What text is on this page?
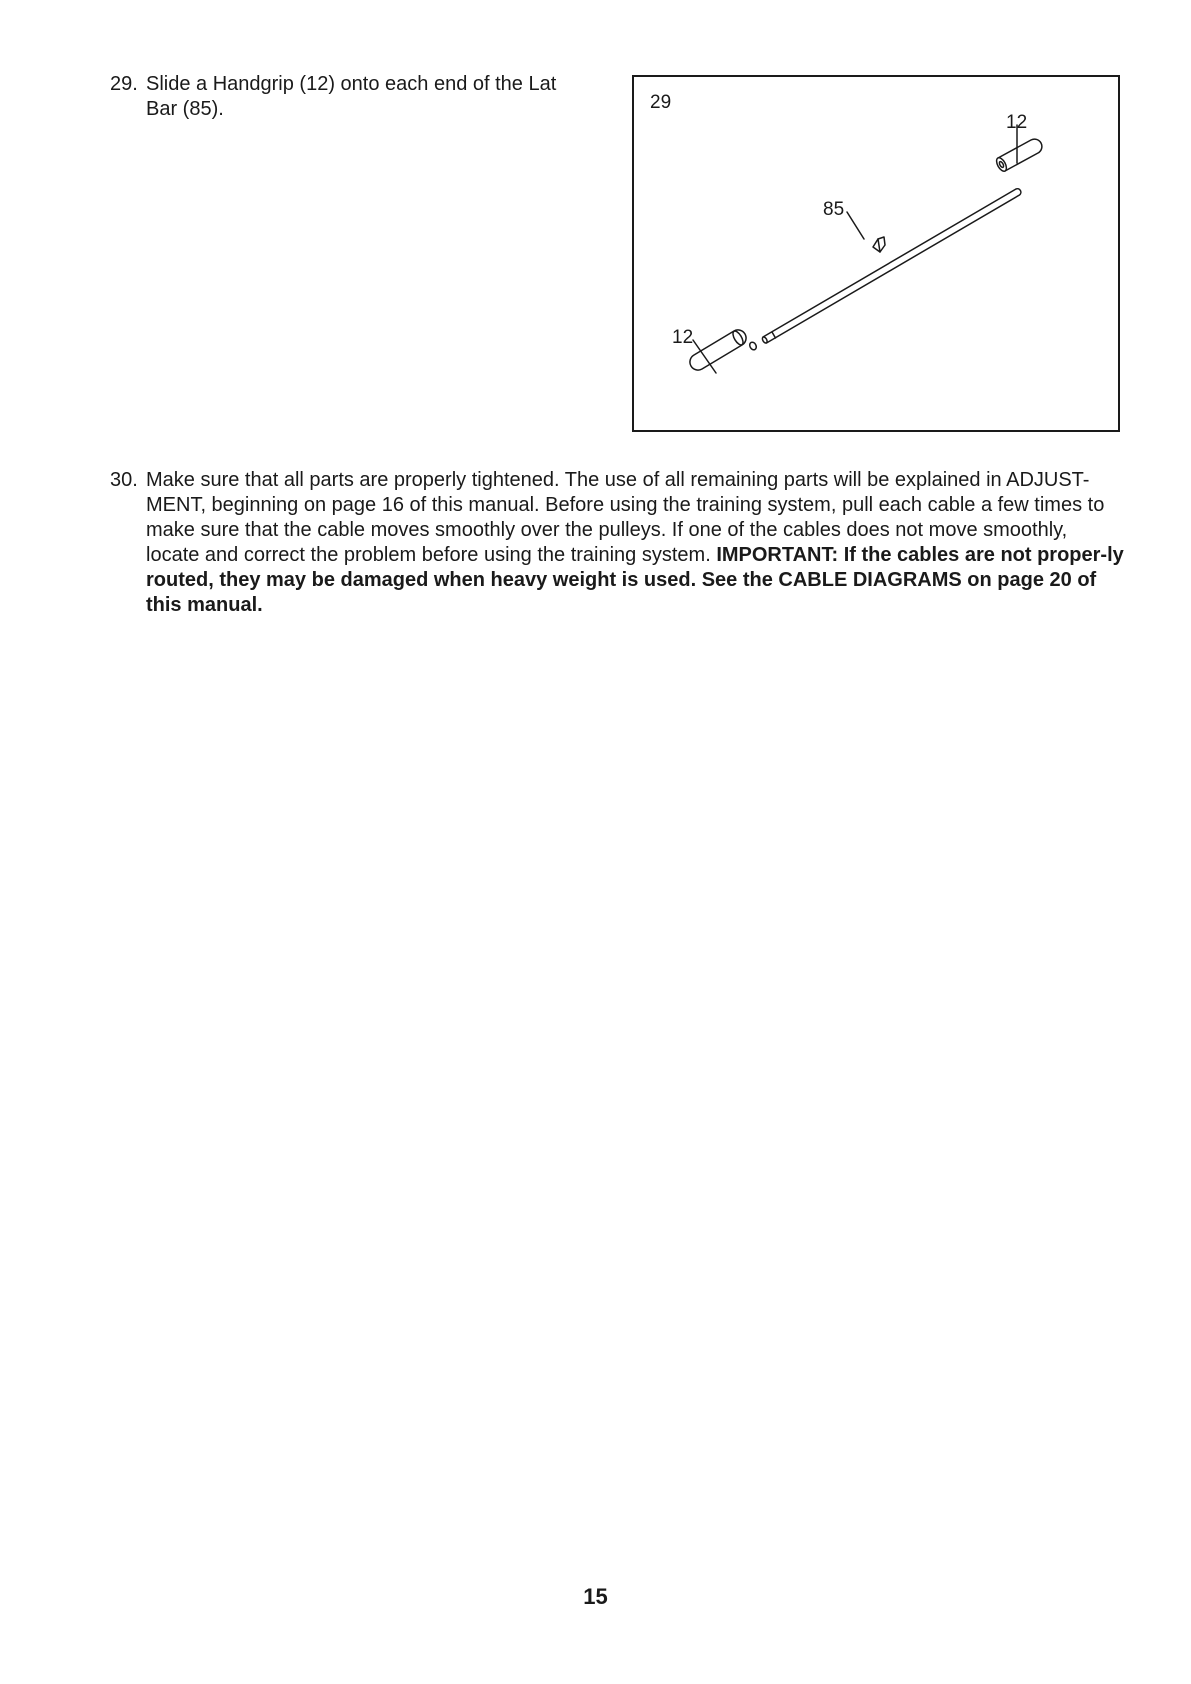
29. Slide a Handgrip (12) onto each end of the Lat Bar (85).	29
12
85
12
30. Make sure that all parts are properly tightened. The use of all remaining parts will be explained in ADJUST-MENT, beginning on page 16 of this manual. Before using the training system, pull each cable a few times to make sure that the cable moves smoothly over the pulleys. If one of the cables does not move smoothly, locate and correct the problem before using the training system. IMPORTANT: If the cables are not proper-ly routed, they may be damaged when heavy weight is used. See the CABLE DIAGRAMS on page 20 of this manual.
15
